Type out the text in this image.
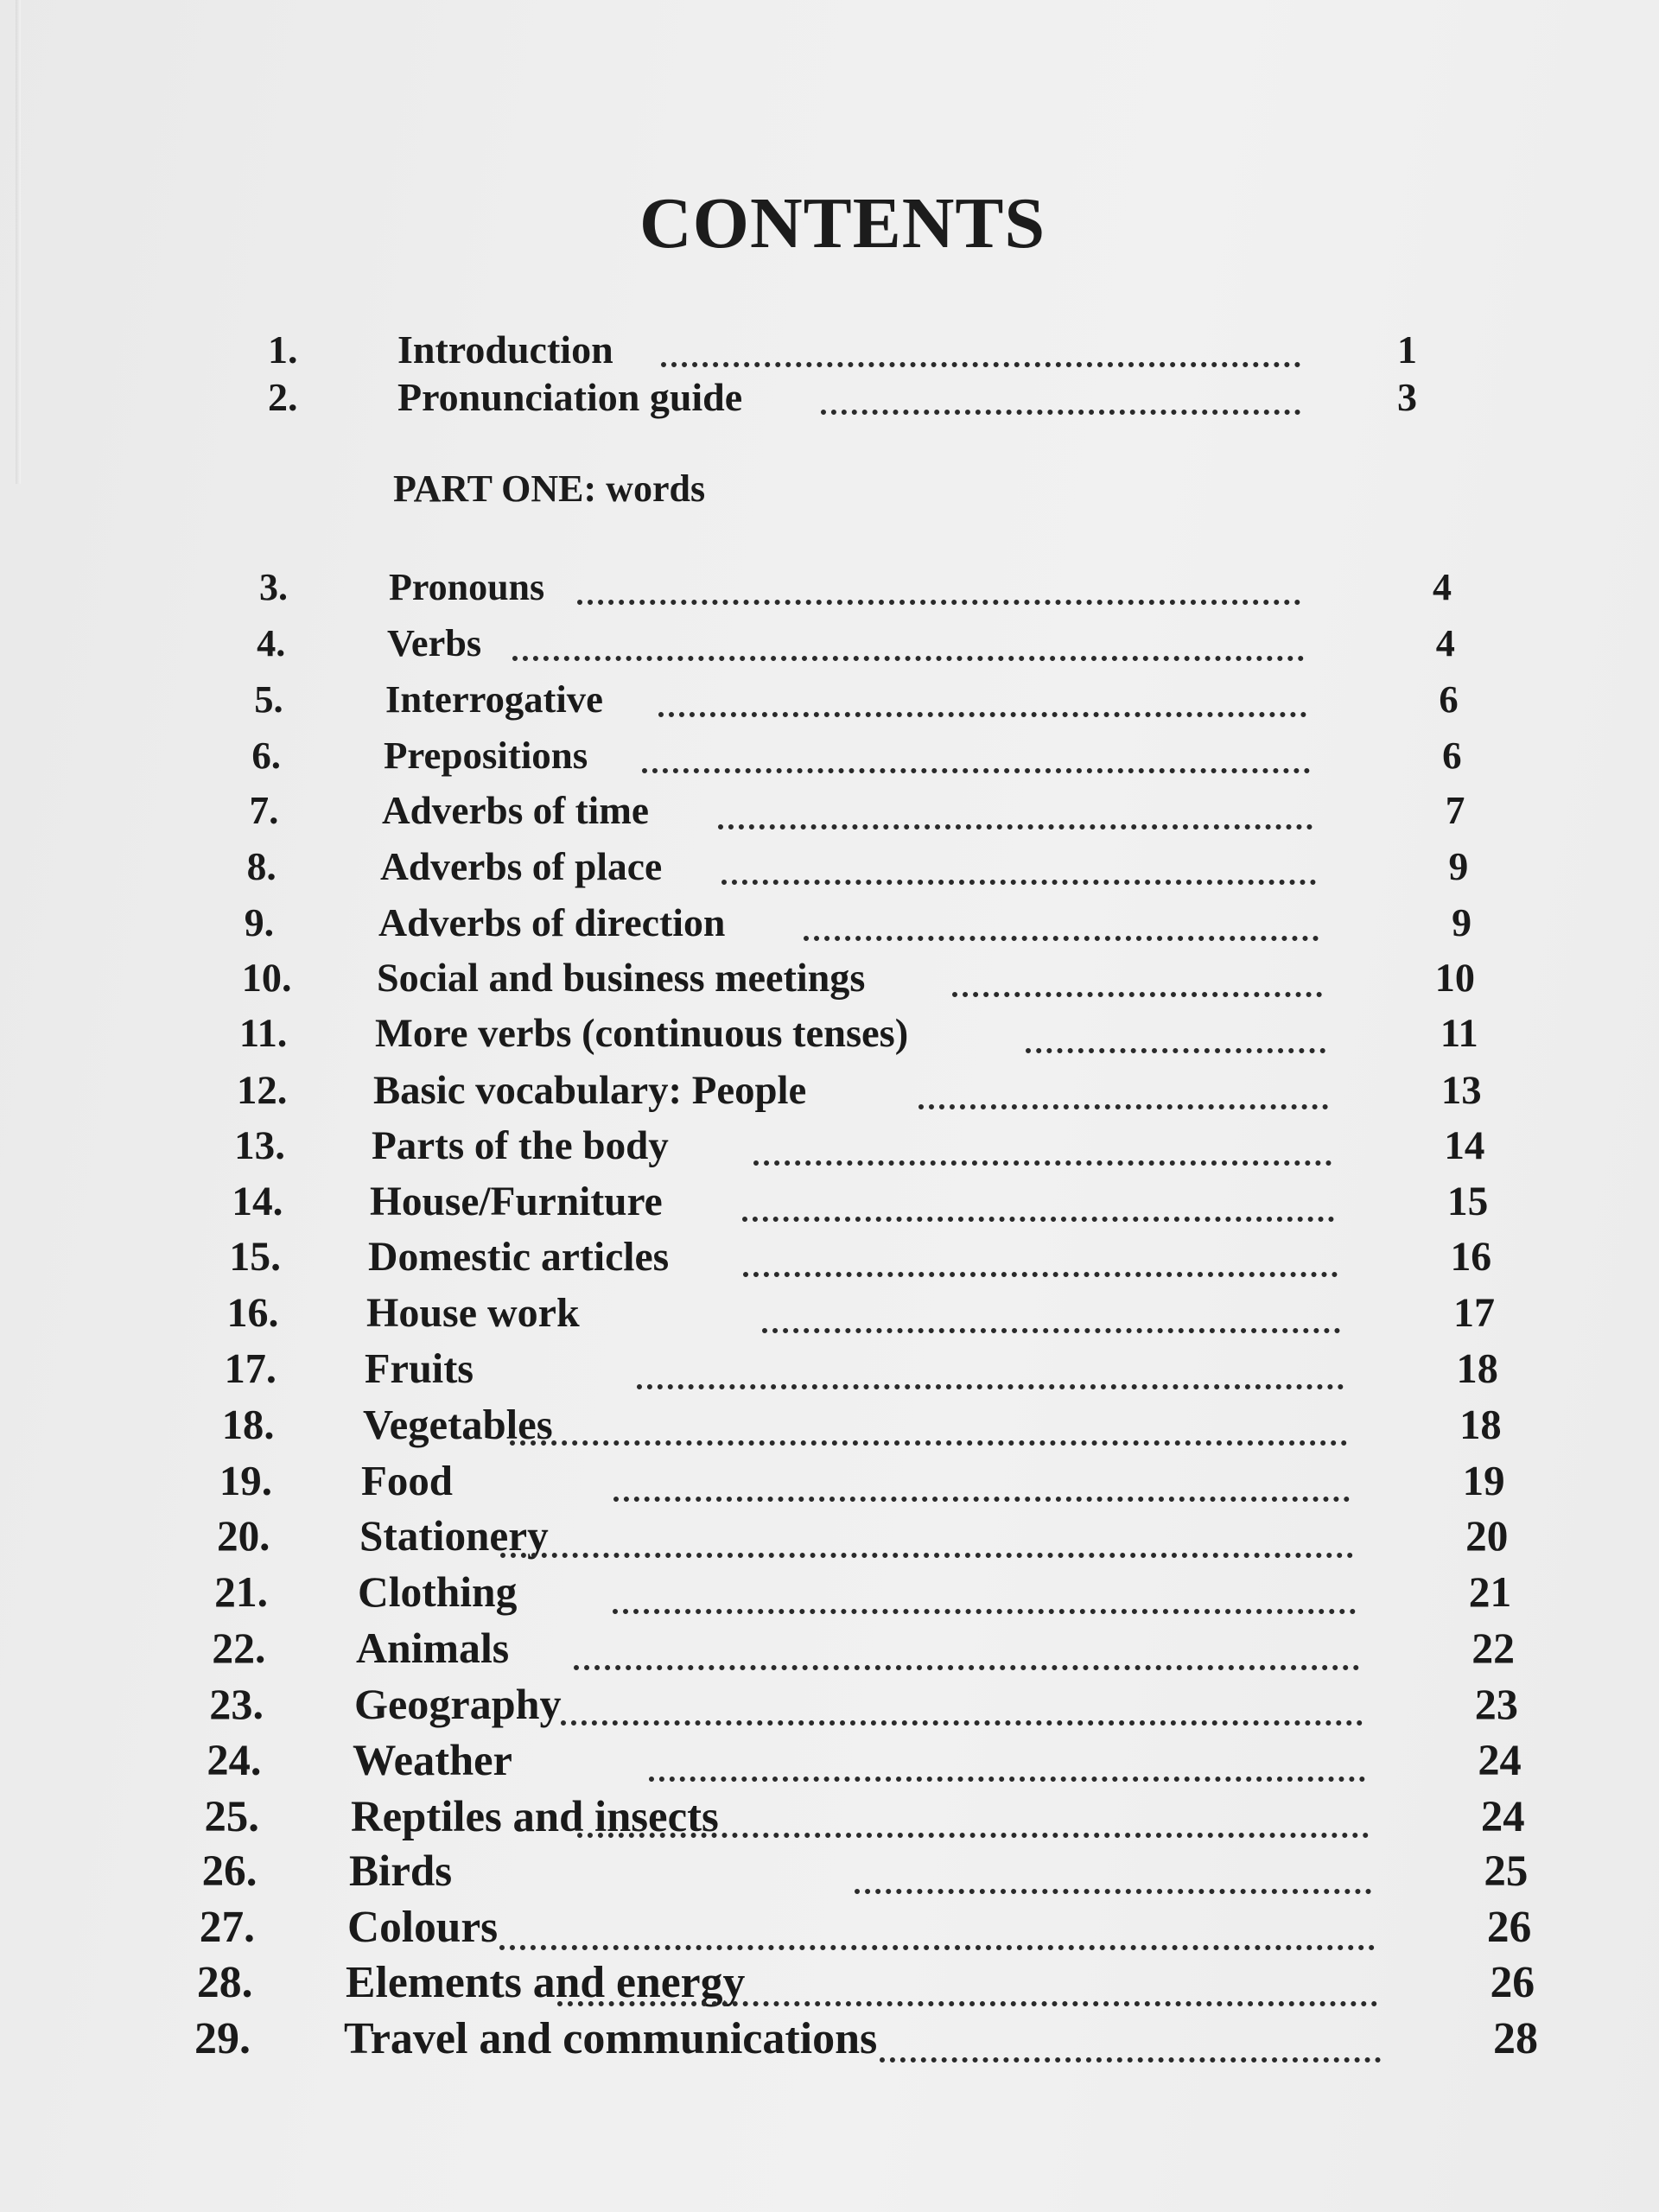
CONTENTS
1.	Introduction	1
2.	Pronunciation guide	3
PART ONE: words
3.	Pronouns	4
4.	Verbs	4
5.	Interrogative	6
6.	Prepositions	6
7.	Adverbs of time	7
8.	Adverbs of place	9
9.	Adverbs of direction	9
10. Social and business meetings	10
11. More verbs (continuous tenses)	11
12. Basic vocabulary: People	13
13. Parts of the body	14
14. House/Furniture	15
15. Domestic articles	16
16. House work	17
17. Fruits	18
18. Vegetables	18
19. Food	19
20. Stationery	20
21. Clothing	21
22. Animals	22
23. Geography	23
24. Weather	24
25. Reptiles and insects	24
26. Birds	25
27. Colours	26
28. Elements and energy	26
29. Travel and communications	28
